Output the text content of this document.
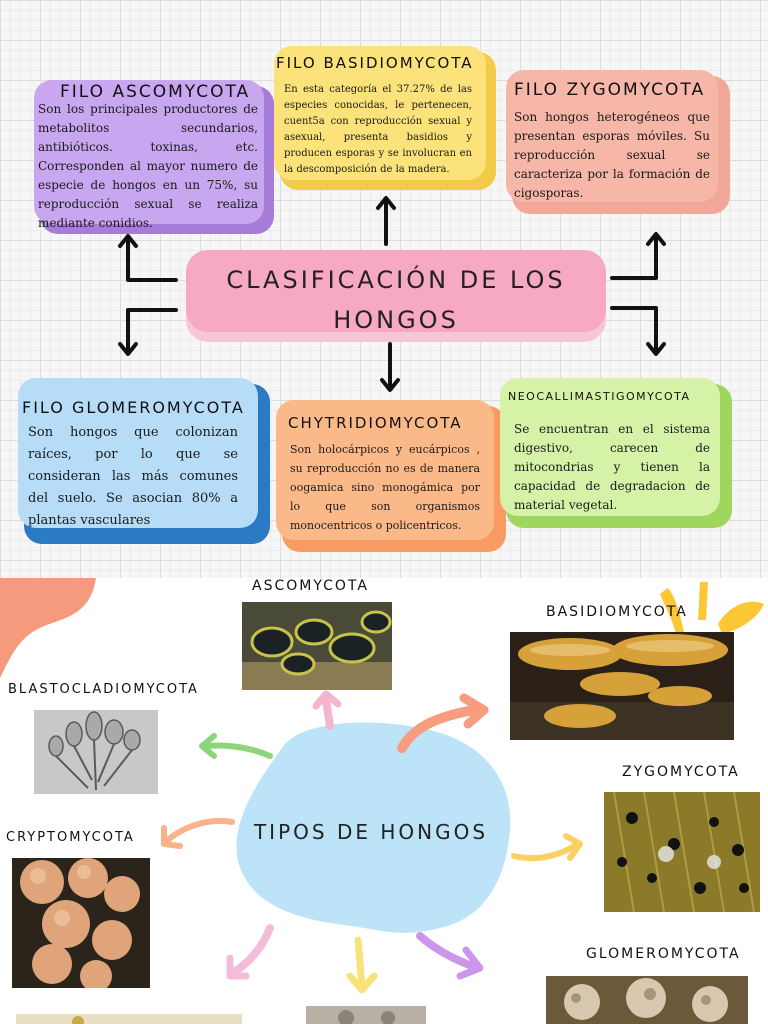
FILO ASCOMYCOTA
Son los principales productores de metabolitos secundarios, antibióticos. toxinas, etc. Corresponden al mayor numero de especie de hongos en un 75%, su reproducción sexual se realiza mediante conidios.
FILO BASIDIOMYCOTA
En esta categoría el 37.27% de las especies conocidas, le pertenecen, cuent5a con reproducción sexual y asexual, presenta basidios y producen esporas y se involucran en la descomposición de la madera.
FILO ZYGOMYCOTA
Son hongos heterogéneos que presentan esporas móviles. Su reproducción sexual se caracteriza por la formación de cigosporas.
CLASIFICACIÓN DE LOS
HONGOS
FILO GLOMEROMYCOTA
Son hongos que colonizan raíces, por lo que se consideran las más comunes del suelo. Se asocian 80% a plantas vasculares
CHYTRIDIOMYCOTA
Son holocárpicos y eucárpicos , su reproducción no es de manera oogamica sino monogámica por lo que son organismos monocentricos o policentricos.
NEOCALLIMASTIGOMYCOTA
Se encuentran en el sistema digestivo, carecen de mitocondrias y tienen la capacidad de degradacion de material vegetal.
TIPOS DE HONGOS
ASCOMYCOTA
BASIDIOMYCOTA
BLASTOCLADIOMYCOTA
ZYGOMYCOTA
CRYPTOMYCOTA
GLOMEROMYCOTA
